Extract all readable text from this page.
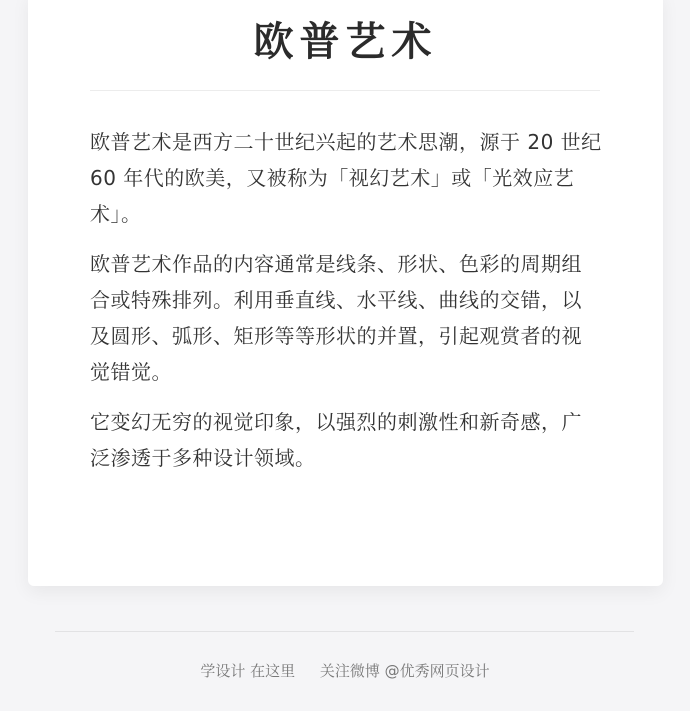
欧普艺术

欧普艺术是西方二十世纪兴起的艺术思潮，源于 20 世纪 60 年代的欧美，又被称为「视幻艺术」或「光效应艺术」。

欧普艺术作品的内容通常是线条、形状、色彩的周期组合或特殊排列。利用垂直线、水平线、曲线的交错，以及圆形、弧形、矩形等等形状的并置，引起观赏者的视觉错觉。

它变幻无穷的视觉印象，以强烈的刺激性和新奇感，广泛渗透于多种设计领域。

学设计 在这里 关注微博 @优秀网页设计
